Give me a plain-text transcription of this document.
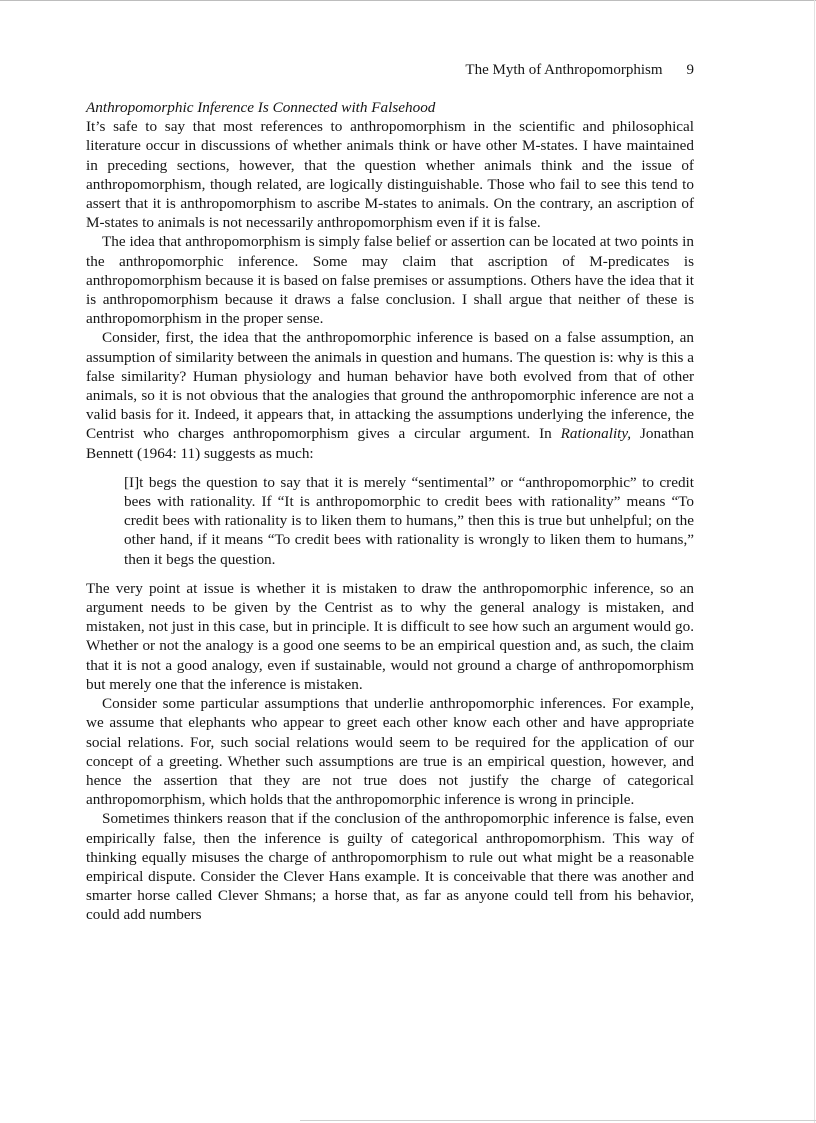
The Myth of Anthropomorphism 9

Anthropomorphic Inference Is Connected with Falsehood

It’s safe to say that most references to anthropomorphism in the scientific and philosophical literature occur in discussions of whether animals think or have other M-states. I have maintained in preceding sections, however, that the question whether animals think and the issue of anthropomorphism, though related, are logically distinguishable. Those who fail to see this tend to assert that it is anthropomorphism to ascribe M-states to animals. On the contrary, an ascription of M-states to animals is not necessarily anthropomorphism even if it is false.

The idea that anthropomorphism is simply false belief or assertion can be located at two points in the anthropomorphic inference. Some may claim that ascription of M-predicates is anthropomorphism because it is based on false premises or assumptions. Others have the idea that it is anthropomorphism because it draws a false conclusion. I shall argue that neither of these is anthropomorphism in the proper sense.

Consider, first, the idea that the anthropomorphic inference is based on a false assumption, an assumption of similarity between the animals in question and humans. The question is: why is this a false similarity? Human physiology and human behavior have both evolved from that of other animals, so it is not obvious that the analogies that ground the anthropomorphic inference are not a valid basis for it. Indeed, it appears that, in attacking the assumptions underlying the inference, the Centrist who charges anthropomorphism gives a circular argument. In Rationality, Jonathan Bennett (1964: 11) suggests as much:

[I]t begs the question to say that it is merely “sentimental” or “anthropomorphic” to credit bees with rationality. If “It is anthropomorphic to credit bees with rationality” means “To credit bees with rationality is to liken them to humans,” then this is true but unhelpful; on the other hand, if it means “To credit bees with rationality is wrongly to liken them to humans,” then it begs the question.

The very point at issue is whether it is mistaken to draw the anthropomorphic inference, so an argument needs to be given by the Centrist as to why the general analogy is mistaken, and mistaken, not just in this case, but in principle. It is difficult to see how such an argument would go. Whether or not the analogy is a good one seems to be an empirical question and, as such, the claim that it is not a good analogy, even if sustainable, would not ground a charge of anthropomorphism but merely one that the inference is mistaken.

Consider some particular assumptions that underlie anthropomorphic inferences. For example, we assume that elephants who appear to greet each other know each other and have appropriate social relations. For, such social relations would seem to be required for the application of our concept of a greeting. Whether such assumptions are true is an empirical question, however, and hence the assertion that they are not true does not justify the charge of categorical anthropomorphism, which holds that the anthropomorphic inference is wrong in principle.

Sometimes thinkers reason that if the conclusion of the anthropomorphic inference is false, even empirically false, then the inference is guilty of categorical anthropomorphism. This way of thinking equally misuses the charge of anthropomorphism to rule out what might be a reasonable empirical dispute. Consider the Clever Hans example. It is conceivable that there was another and smarter horse called Clever Shmans; a horse that, as far as anyone could tell from his behavior, could add numbers
